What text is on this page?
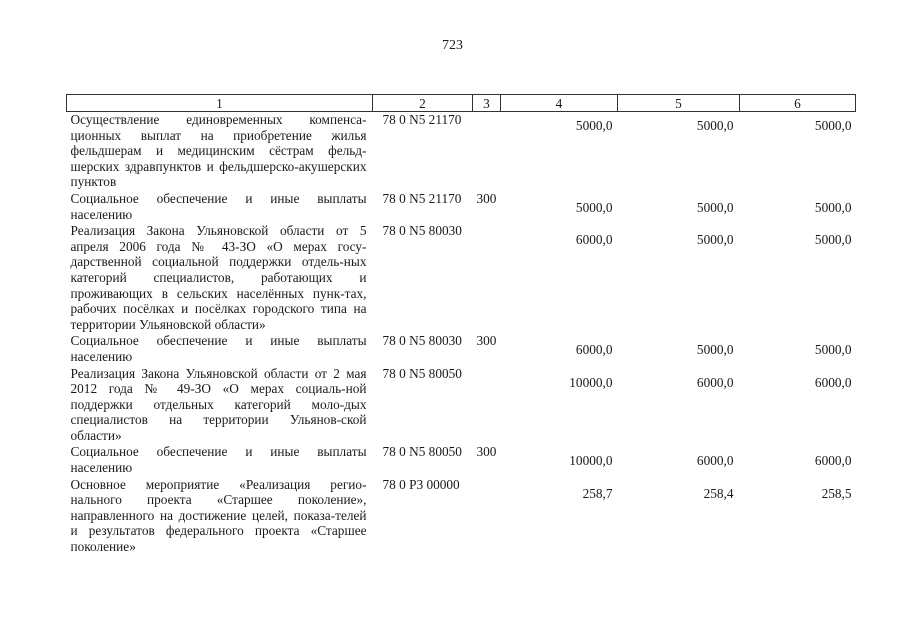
723
1	2	3	4	5	6
Осуществление единовременных компенса-ционных выплат на приобретение жилья фельдшерам и медицинским сёстрам фельд-шерских здравпунктов и фельдшерско-акушерских пунктов	78 0 N5 21170		5000,0	5000,0	5000,0
Социальное обеспечение и иные выплаты населению	78 0 N5 21170	300	5000,0	5000,0	5000,0
Реализация Закона Ульяновской области от 5 апреля 2006 года № 43-ЗО «О мерах госу-дарственной социальной поддержки отдель-ных категорий специалистов, работающих и проживающих в сельских населённых пунк-тах, рабочих посёлках и посёлках городского типа на территории Ульяновской области»	78 0 N5 80030		6000,0	5000,0	5000,0
Социальное обеспечение и иные выплаты населению	78 0 N5 80030	300	6000,0	5000,0	5000,0
Реализация Закона Ульяновской области от 2 мая 2012 года № 49-ЗО «О мерах социаль-ной поддержки отдельных категорий моло-дых специалистов на территории Ульянов-ской области»	78 0 N5 80050		10000,0	6000,0	6000,0
Социальное обеспечение и иные выплаты населению	78 0 N5 80050	300	10000,0	6000,0	6000,0
Основное мероприятие «Реализация регио-нального проекта «Старшее поколение», направленного на достижение целей, показа-телей и результатов федерального проекта «Старшее поколение»	78 0 P3 00000		258,7	258,4	258,5
